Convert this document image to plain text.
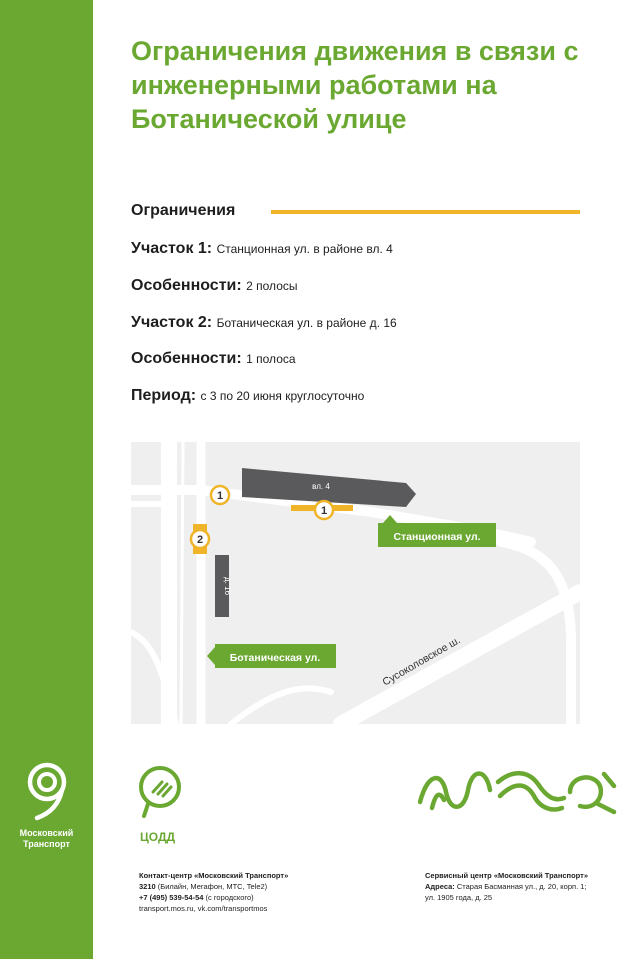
Московский
Транспорт
Ограничения движения в связи с инженерными работами на Ботанической улице
Ограничения
Участок 1: Станционная ул. в районе вл. 4
Особенности: 2 полосы
Участок 2: Ботаническая ул. в районе д. 16
Особенности: 1 полоса
Период: с 3 по 20 июня круглосуточно
1
1
2
вл. 4
д. 16
Станционная ул.
Ботаническая ул.	Сусоколовское ш.
ЦОДД
Контакт-центр «Московский Транспорт»
3210 (Билайн, Мегафон, МТС, Tele2)
+7 (495) 539-54-54 (с городского)
transport.mos.ru, vk.com/transportmos
Сервисный центр «Московский Транспорт»
Адреса: Старая Басманная ул., д. 20, корп. 1;
ул. 1905 года, д. 25
